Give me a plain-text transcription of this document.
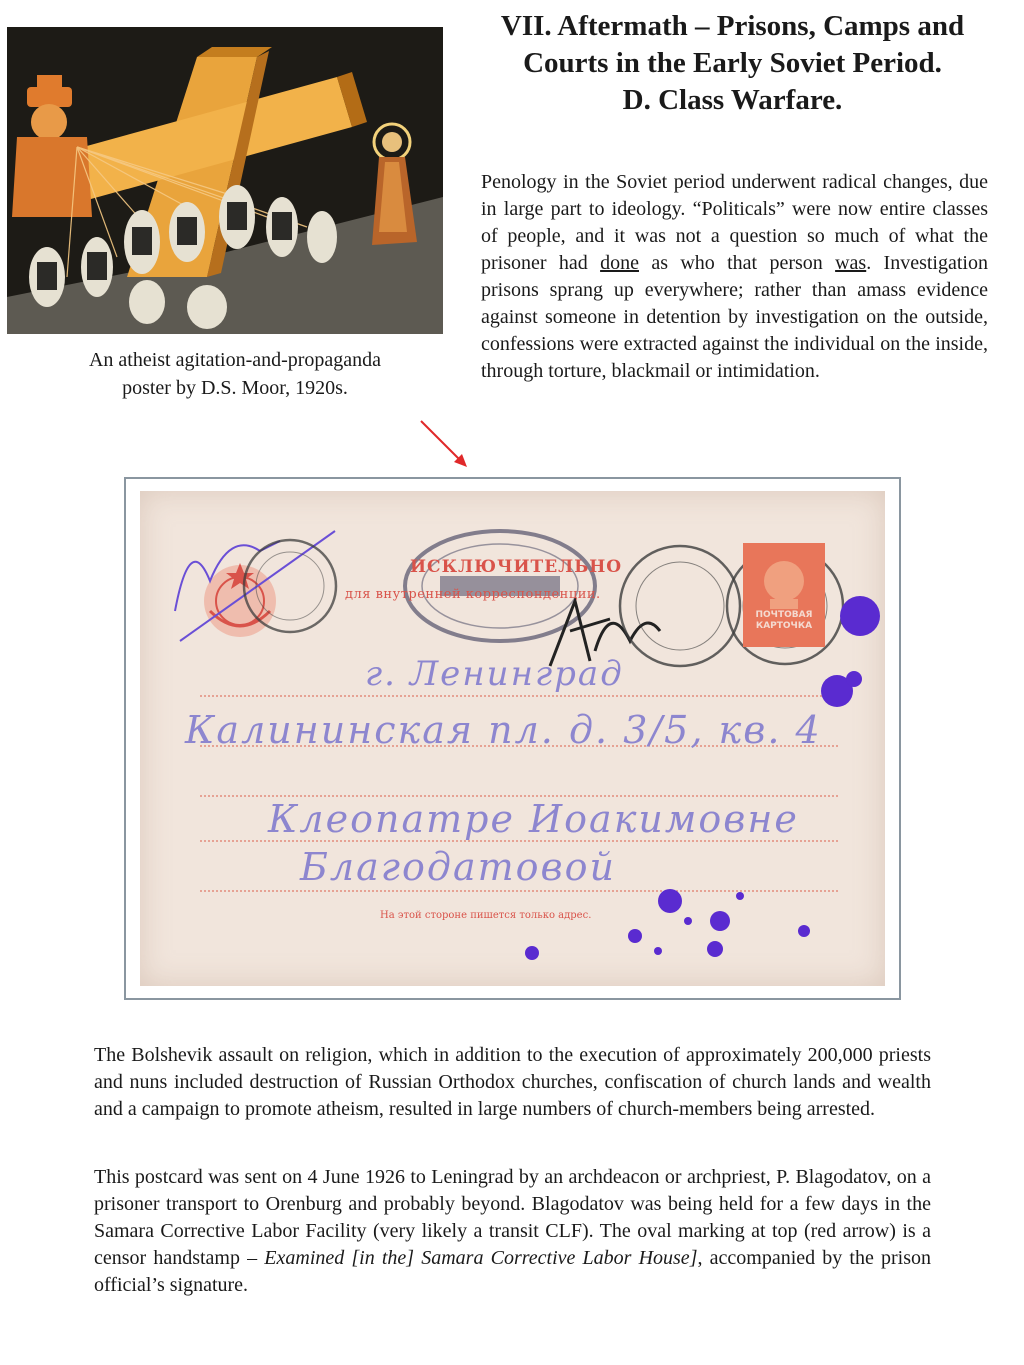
An atheist agitation-and-propaganda
poster by D.S. Moor, 1920s.
VII. Aftermath – Prisons, Camps and
Courts in the Early Soviet Period.
D. Class Warfare.
Penology in the Soviet period underwent radical changes, due in large part to ideology. “Politicals” were now entire classes of people, and it was not a question so much of what the prisoner had done as who that person was. Investigation prisons sprang up everywhere; rather than amass evidence against someone in detention by investigation on the outside, confessions were extracted against the individual on the inside, through torture, blackmail or intimidation.
ИСКЛЮЧИТЕЛЬНО
для внутренней корреспонденции.
ПОЧТОВАЯ КАРТОЧКА
г. Ленинград
Калининская пл. д. 3/5, кв. 4
Клеопатре Иоакимовне
Благодатовой
На этой стороне пишется только адрес.
The Bolshevik assault on religion, which in addition to the execution of approximately 200,000 priests and nuns included destruction of Russian Orthodox churches, confiscation of church lands and wealth and a campaign to promote atheism, resulted in large numbers of church-members being arrested.
This postcard was sent on 4 June 1926 to Leningrad by an archdeacon or archpriest, P. Blagodatov, on a prisoner transport to Orenburg and probably beyond. Blagodatov was being held for a few days in the Samara Corrective Labor Facility (very likely a transit CLF). The oval marking at top (red arrow) is a censor handstamp – Examined [in the] Samara Corrective Labor House], accompanied by the prison official’s signature.
